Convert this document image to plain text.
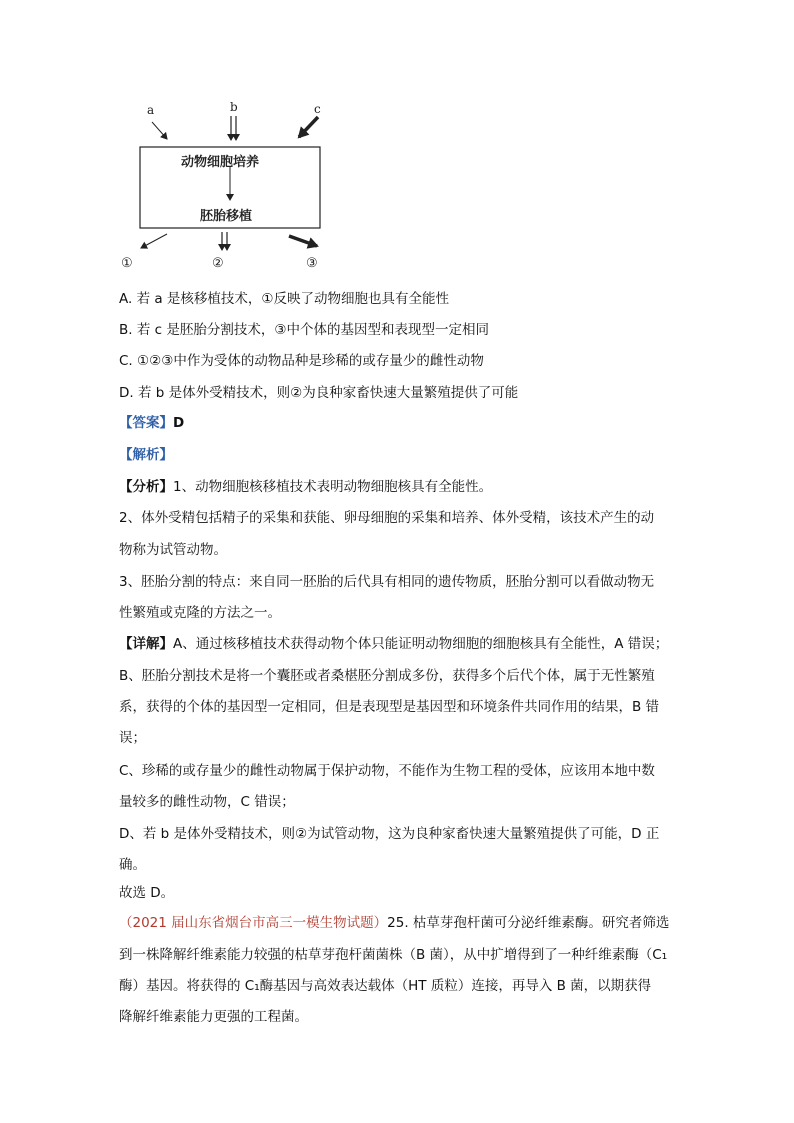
a	b	c
动物细胞培养
胚胎移植
①	②	③
A. 若 a 是核移植技术，①反映了动物细胞也具有全能性
B. 若 c 是胚胎分割技术，③中个体的基因型和表现型一定相同
C. ①②③中作为受体的动物品种是珍稀的或存量少的雌性动物
D. 若 b 是体外受精技术，则②为良种家畜快速大量繁殖提供了可能
【答案】D
【解析】
【分析】1、动物细胞核移植技术表明动物细胞核具有全能性。
2、体外受精包括精子的采集和获能、卵母细胞的采集和培养、体外受精，该技术产生的动
物称为试管动物。
3、胚胎分割的特点：来自同一胚胎的后代具有相同的遗传物质，胚胎分割可以看做动物无
性繁殖或克隆的方法之一。
【详解】A、通过核移植技术获得动物个体只能证明动物细胞的细胞核具有全能性，A 错误；
B、胚胎分割技术是将一个囊胚或者桑椹胚分割成多份，获得多个后代个体，属于无性繁殖
系，获得的个体的基因型一定相同，但是表现型是基因型和环境条件共同作用的结果，B 错
误；
C、珍稀的或存量少的雌性动物属于保护动物，不能作为生物工程的受体，应该用本地中数
量较多的雌性动物，C 错误；
D、若 b 是体外受精技术，则②为试管动物，这为良种家畜快速大量繁殖提供了可能，D 正
确。
故选 D。
（2021 届山东省烟台市高三一模生物试题）25. 枯草芽孢杆菌可分泌纤维素酶。研究者筛选
到一株降解纤维素能力较强的枯草芽孢杆菌菌株（B 菌），从中扩增得到了一种纤维素酶（C₁
酶）基因。将获得的 C₁酶基因与高效表达载体（HT 质粒）连接，再导入 B 菌，以期获得
降解纤维素能力更强的工程菌。
